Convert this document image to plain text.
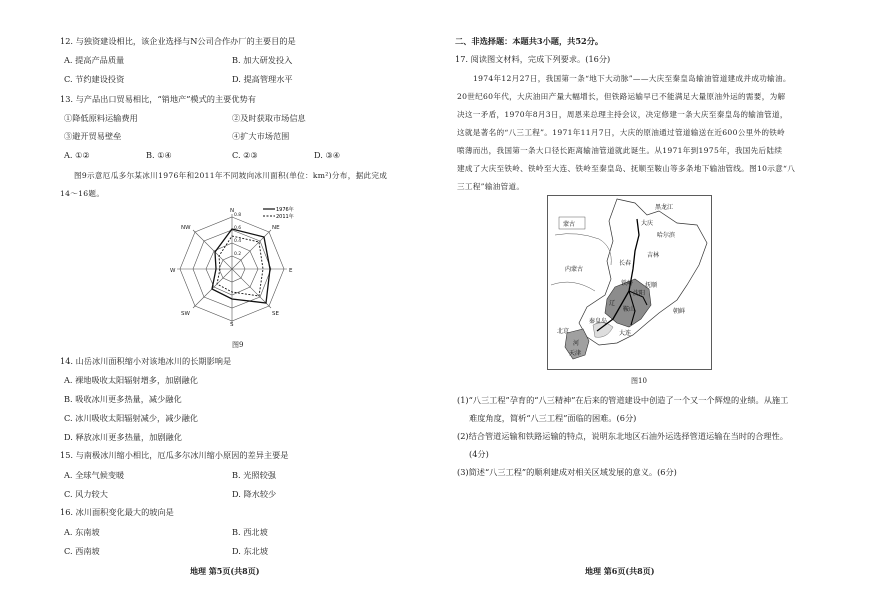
12. 与独资建设相比，该企业选择与N公司合作办厂的主要目的是
A. 提高产品质量	B. 加大研发投入
C. 节约建设投资	D. 提高管理水平
13. 与产品出口贸易相比，“销地产”模式的主要优势有
①降低原料运输费用	②及时获取市场信息
③避开贸易壁垒	④扩大市场范围
A. ①②	B. ①④	C. ②③	D. ③④
图9示意厄瓜多尔某冰川1976年和2011年不同坡向冰川面积(单位：km²)分布，据此完成
14～16题。
N
NE
E
SE
S
SW
W
NW
0.2
0.4
0.6
0.8
1976年
2011年
图9
14. 山岳冰川面积缩小对该地冰川的长期影响是
A. 裸地吸收太阳辐射增多，加剧融化
B. 吸收冰川更多热量，减少融化
C. 冰川吸收太阳辐射减少，减少融化
D. 释放冰川更多热量，加剧融化
15. 与南极冰川缩小相比，厄瓜多尔冰川缩小原因的差异主要是
A. 全球气候变暖	B. 光照较强
C. 风力较大	D. 降水较少
16. 冰川面积变化最大的坡向是
A. 东南坡	B. 西北坡
C. 西南坡	D. 东北坡
地理 第5页(共8页)
二、非选择题：本题共3小题，共52分。
17. 阅读图文材料，完成下列要求。(16分)
1974年12月27日，我国第一条“地下大动脉”——大庆至秦皇岛输油管道建成并成功输油。
20世纪60年代，大庆油田产量大幅增长，但铁路运输早已不能满足大量原油外运的需要，为解
决这一矛盾，1970年8月3日，周恩来总理主持会议，决定修建一条大庆至秦皇岛的输油管道，
这就是著名的“八三工程”。1971年11月7日，大庆的原油通过管道输送在近600公里外的铁岭
喷薄而出，我国第一条大口径长距离输油管道就此诞生。从1971年到1975年，我国先后陆续
建成了大庆至铁岭、铁岭至大连、铁岭至秦皇岛、抚顺至鞍山等多条地下输油管线。图10示意“八
三工程”输油管道。
黑龙江
蒙古
内蒙古
哈尔滨
长春
吉林
大庆
沈阳
铁岭 抚顺
鞍山
北京
天津
秦皇岛
大连
朝鲜
辽
河
图10
(1)“八三工程”孕育的“八三精神”在后来的管道建设中创造了一个又一个辉煌的业绩。从施工
难度角度，简析“八三工程”面临的困难。(6分)
(2)结合管道运输和铁路运输的特点，说明东北地区石油外运选择管道运输在当时的合理性。
(4分)
(3)简述“八三工程”的顺利建成对相关区域发展的意义。(6分)
地理 第6页(共8页)
